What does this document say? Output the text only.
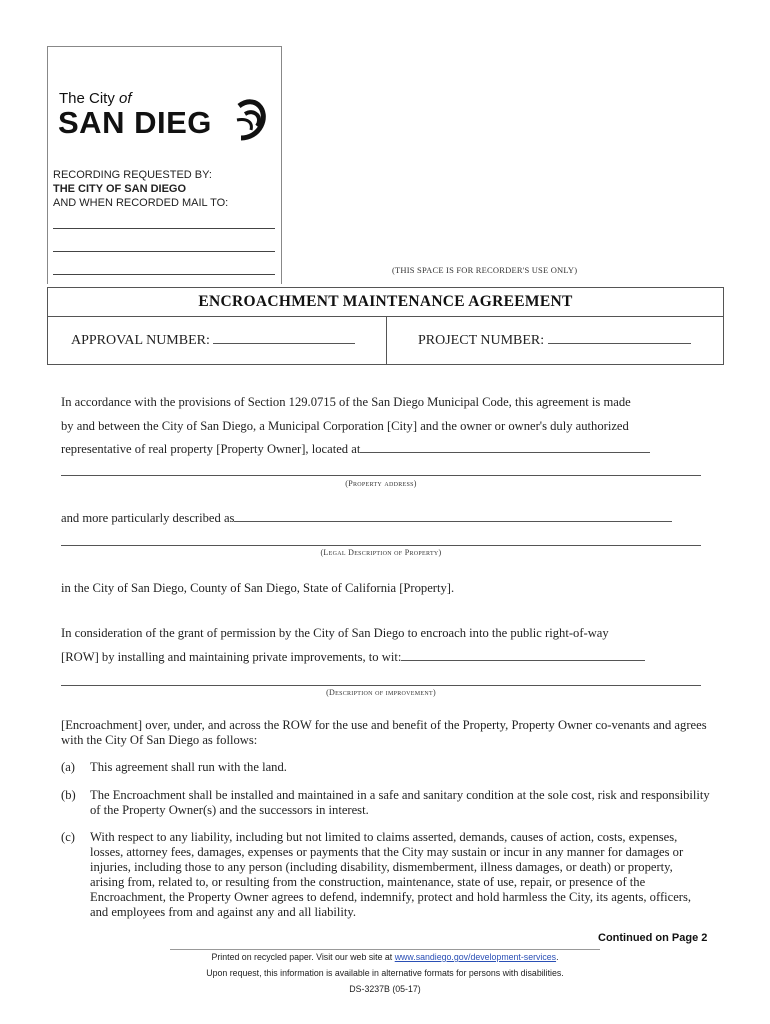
The City of
SAN DIEG
RECORDING REQUESTED BY:
THE CITY OF SAN DIEGO
AND WHEN RECORDED MAIL TO:
(THIS SPACE IS FOR RECORDER'S USE ONLY)
ENCROACHMENT MAINTENANCE AGREEMENT
APPROVAL NUMBER:	PROJECT NUMBER:
In accordance with the provisions of Section 129.0715 of the San Diego Municipal Code, this agreement is made
by and between the City of San Diego, a Municipal Corporation [City] and the owner or owner's duly authorized
representative of real property [Property Owner], located at
(Property address)
and more particularly described as
(Legal Description of Property)
in the City of San Diego, County of San Diego, State of California [Property].
In consideration of the grant of permission by the City of San Diego to encroach into the public right-of-way
[ROW] by installing and maintaining private improvements, to wit:
(Description of improvement)
[Encroachment] over, under, and across the ROW for the use and benefit of the Property, Property Owner co-venants and agrees with the City Of San Diego as follows:
(a) This agreement shall run with the land.
(b) The Encroachment shall be installed and maintained in a safe and sanitary condition at the sole cost, risk and responsibility of the Property Owner(s) and the successors in interest.
(c) With respect to any liability, including but not limited to claims asserted, demands, causes of action, costs, expenses, losses, attorney fees, damages, expenses or payments that the City may sustain or incur in any manner for damages or injuries, including those to any person (including disability, dismemberment, illness damages, or death) or property, arising from, related to, or resulting from the construction, maintenance, state of use, repair, or presence of the Encroachment, the Property Owner agrees to defend, indemnify, protect and hold harmless the City, its agents, officers, and employees from and against any and all liability.
Continued on Page 2
Printed on recycled paper. Visit our web site at www.sandiego.gov/development-services.
Upon request, this information is available in alternative formats for persons with disabilities.
DS-3237B (05-17)
